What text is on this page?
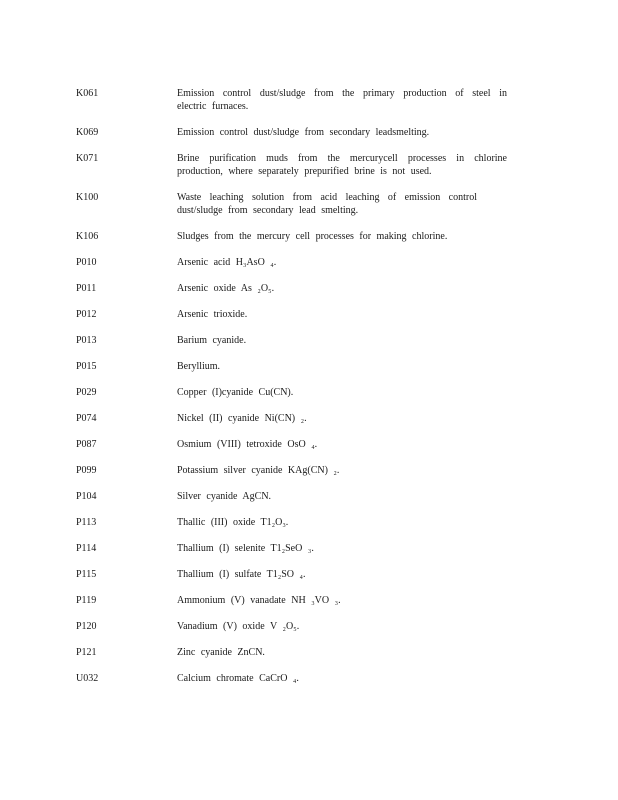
K061	Emission control dust/sludge from the primary production of steel in
electric furnaces.
K069	Emission control dust/sludge from secondary leadsmelting.
K071	Brine purification muds from the mercurycell processes in chlorine
production, where separately prepurified brine is not used.
K100	Waste leaching solution from acid leaching of emission control
dust/sludge from secondary lead smelting.
K106	Sludges from the mercury cell processes for making chlorine.
P010	Arsenic acid H₃AsO ₄.
P011	Arsenic oxide As ₂O₅.
P012	Arsenic trioxide.
P013	Barium cyanide.
P015	Beryllium.
P029	Copper (I)cyanide Cu(CN).
P074	Nickel (II) cyanide Ni(CN) ₂.
P087	Osmium (VIII) tetroxide OsO ₄.
P099	Potassium silver cyanide KAg(CN) ₂.
P104	Silver cyanide AgCN.
P113	Thallic (III) oxide T1₂O₃.
P114	Thallium (I) selenite T1₂SeO ₃.
P115	Thallium (I) sulfate T1₂SO ₄.
P119	Ammonium (V) vanadate NH ₃VO ₃.
P120	Vanadium (V) oxide V ₂O₅.
P121	Zinc cyanide ZnCN.
U032	Calcium chromate CaCrO ₄.
